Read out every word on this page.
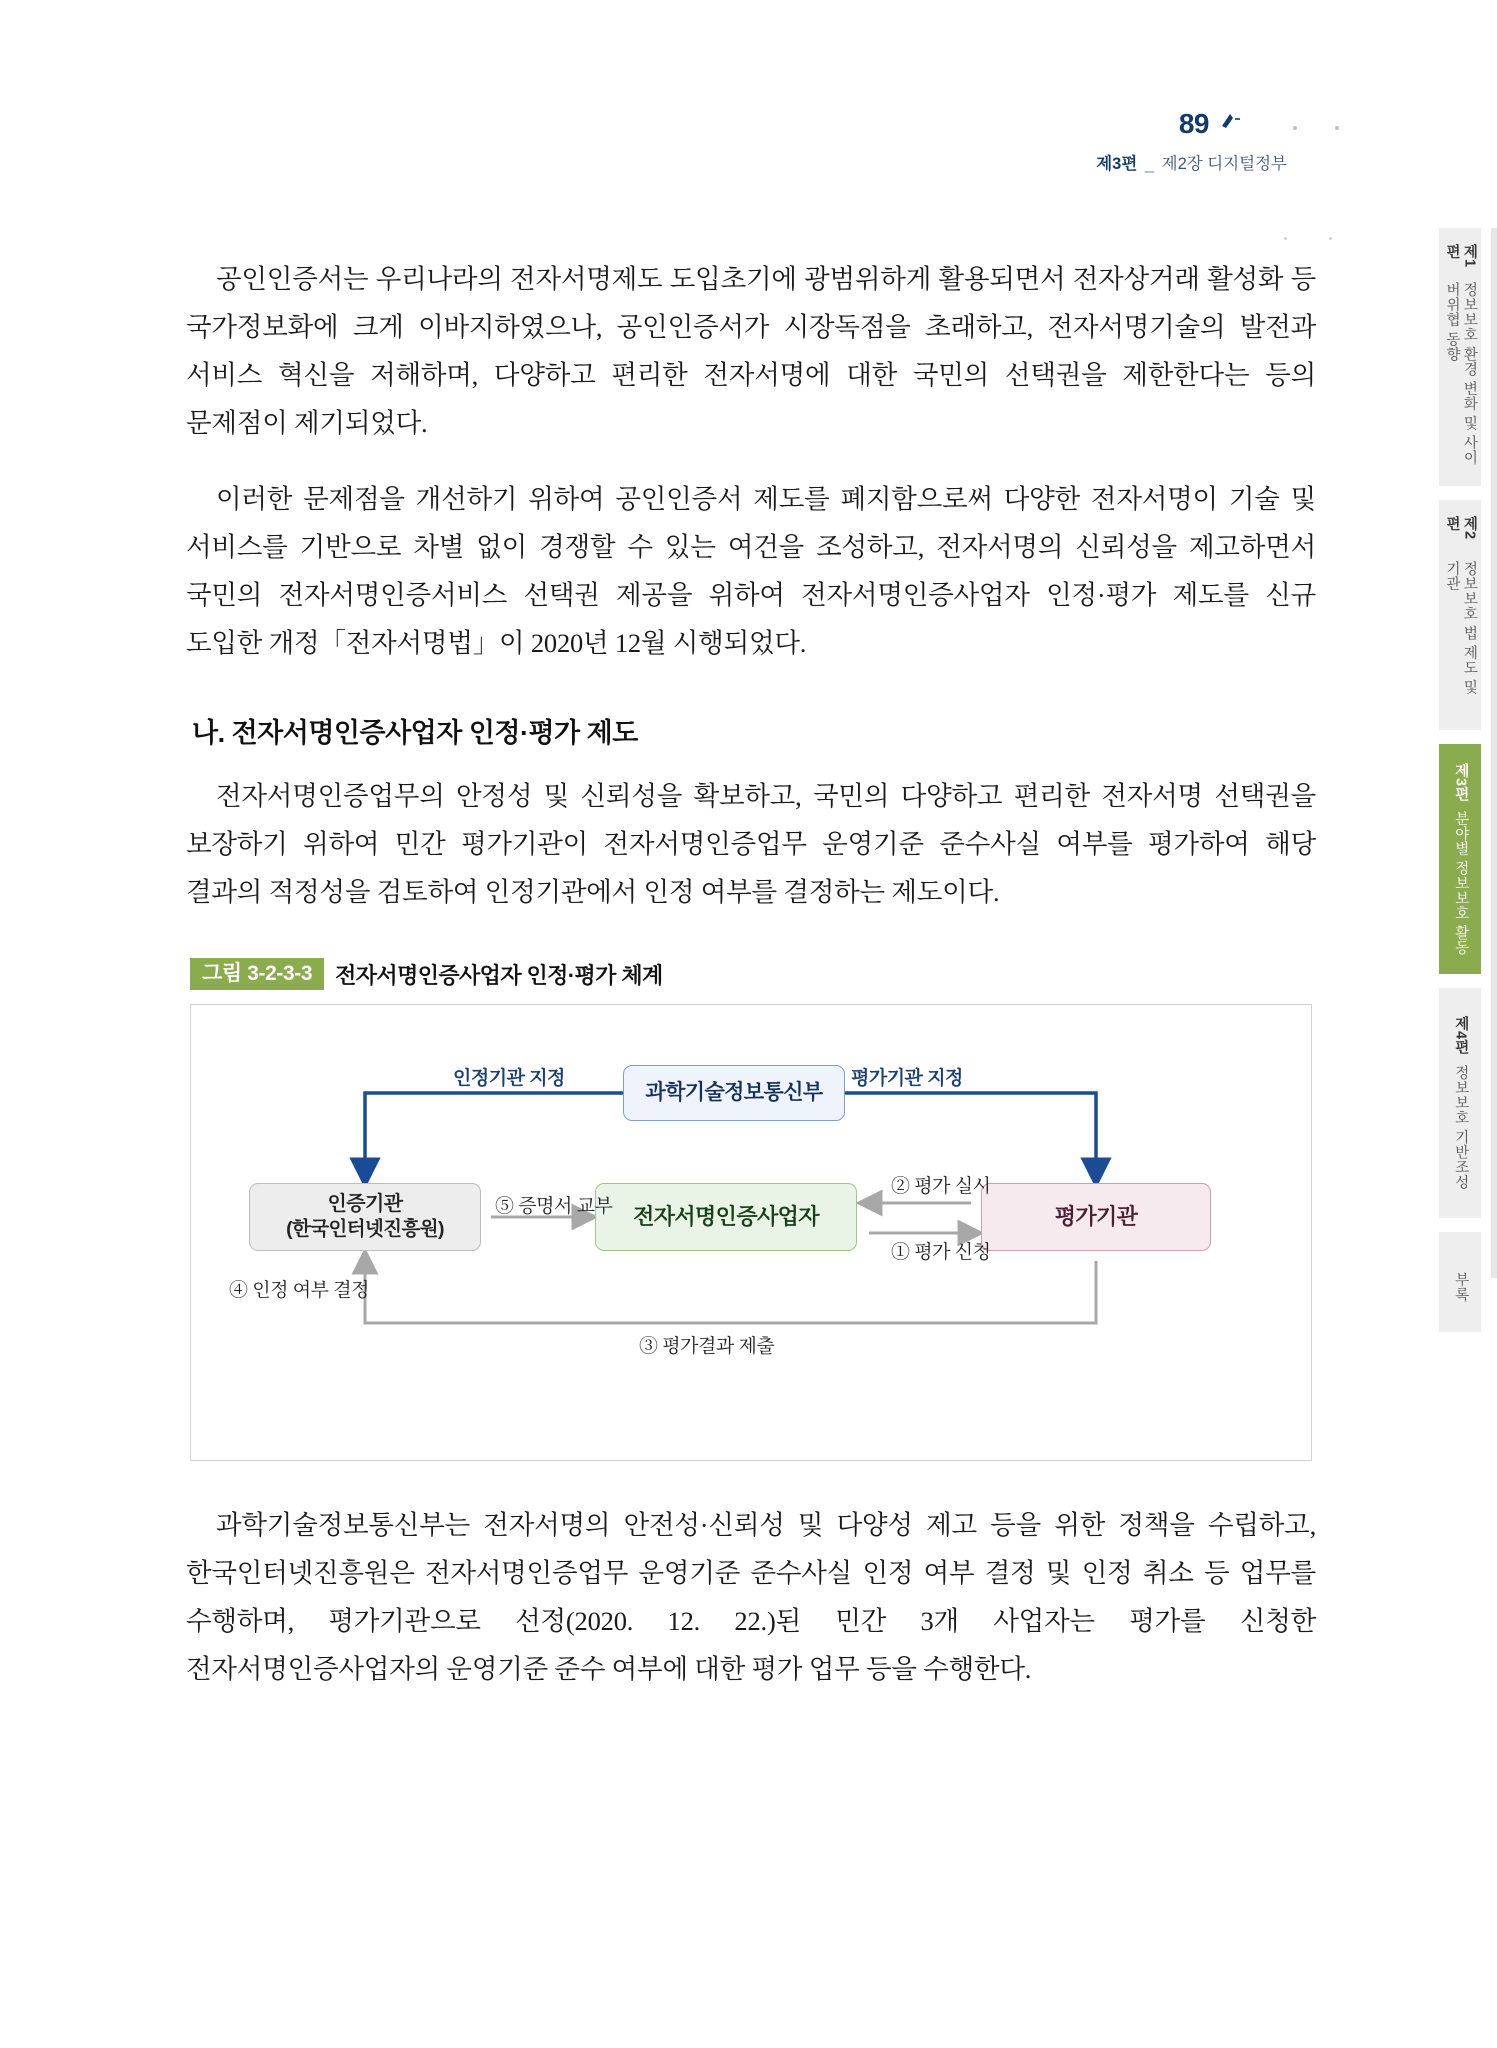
89
제3편 _ 제2장 디지털정부

공인인증서는 우리나라의 전자서명제도 도입초기에 광범위하게 활용되면서 전자상거래 활성화 등 국가정보화에 크게 이바지하였으나, 공인인증서가 시장독점을 초래하고, 전자서명기술의 발전과 서비스 혁신을 저해하며, 다양하고 편리한 전자서명에 대한 국민의 선택권을 제한한다는 등의 문제점이 제기되었다.

이러한 문제점을 개선하기 위하여 공인인증서 제도를 폐지함으로써 다양한 전자서명이 기술 및 서비스를 기반으로 차별 없이 경쟁할 수 있는 여건을 조성하고, 전자서명의 신뢰성을 제고하면서 국민의 전자서명인증서비스 선택권 제공을 위하여 전자서명인증사업자 인정·평가 제도를 신규 도입한 개정「전자서명법」이 2020년 12월 시행되었다.

나. 전자서명인증사업자 인정·평가 제도

전자서명인증업무의 안정성 및 신뢰성을 확보하고, 국민의 다양하고 편리한 전자서명 선택권을 보장하기 위하여 민간 평가기관이 전자서명인증업무 운영기준 준수사실 여부를 평가하여 해당 결과의 적정성을 검토하여 인정기관에서 인정 여부를 결정하는 제도이다.

그림 3-2-3-3	전자서명인증사업자 인정·평가 체계
과학기술정보통신부
인증기관
(한국인터넷진흥원)
전자서명인증사업자	평가기관
인정기관 지정	평가기관 지정
⑤ 증명서 교부
② 평가 실시
① 평가 신청
④ 인정 여부 결정
③ 평가결과 제출

과학기술정보통신부는 전자서명의 안전성·신뢰성 및 다양성 제고 등을 위한 정책을 수립하고, 한국인터넷진흥원은 전자서명인증업무 운영기준 준수사실 인정 여부 결정 및 인정 취소 등 업무를 수행하며, 평가기관으로 선정(2020. 12. 22.)된 민간 3개 사업자는 평가를 신청한 전자서명인증사업자의 운영기준 준수 여부에 대한 평가 업무 등을 수행한다.

제1편
정보보호 환경 변화 및 사이버위협 동향
제2편
정보보호 법 제도 및 기관
제3편
분야별 정보보호 활동
제4편
정보보호 기반조성
부록
